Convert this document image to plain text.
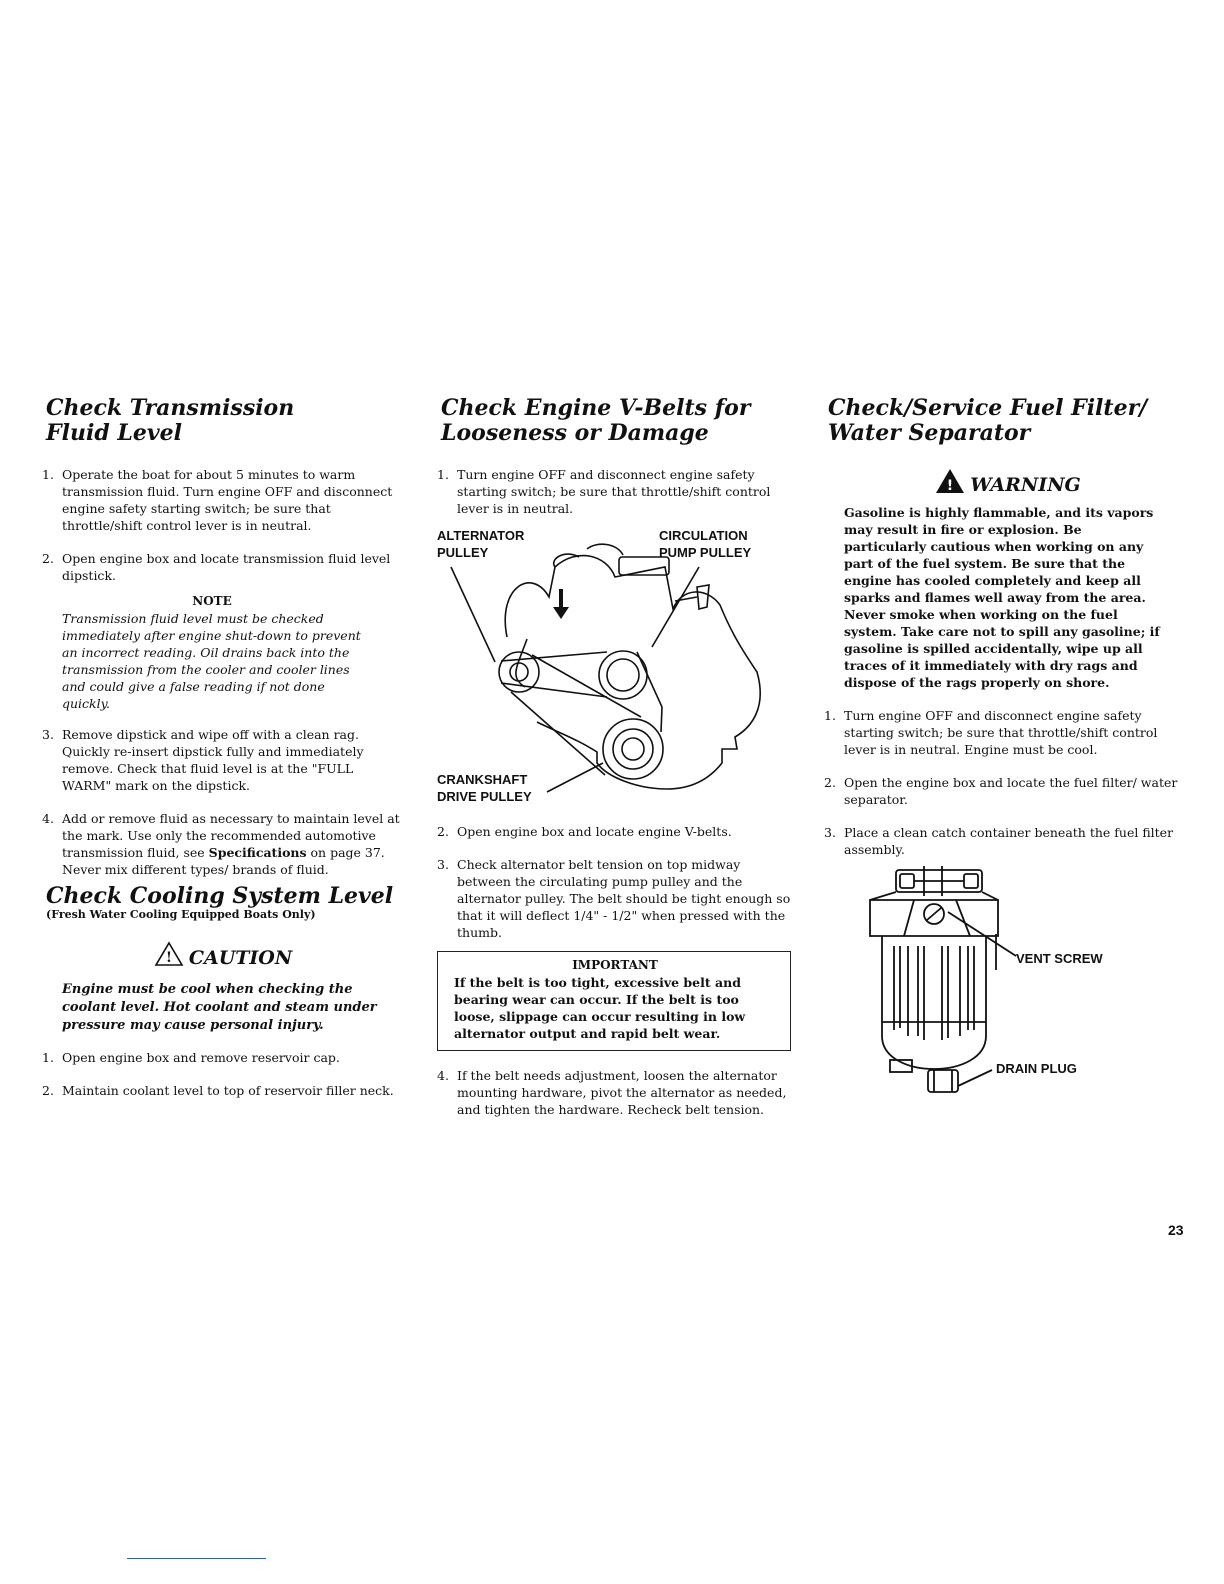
Check Transmission
Fluid Level
1. Operate the boat for about 5 minutes to warm transmission fluid. Turn engine OFF and disconnect engine safety starting switch; be sure that throttle/shift control lever is in neutral.
2. Open engine box and locate transmission fluid level dipstick.
NOTE
Transmission fluid level must be checked immediately after engine shut-down to prevent an incorrect reading. Oil drains back into the transmission from the cooler and cooler lines and could give a false reading if not done quickly.
3. Remove dipstick and wipe off with a clean rag. Quickly re-insert dipstick fully and immediately remove. Check that fluid level is at the "FULL WARM" mark on the dipstick.
4. Add or remove fluid as necessary to maintain level at the mark. Use only the recommended automotive transmission fluid, see Specifications on page 37. Never mix different types/ brands of fluid.
Check Cooling System Level
(Fresh Water Cooling Equipped Boats Only)
! CAUTION
Engine must be cool when checking the coolant level. Hot coolant and steam under pressure may cause personal injury.
1. Open engine box and remove reservoir cap.
2. Maintain coolant level to top of reservoir filler neck.
Check Engine V-Belts for
Looseness or Damage
1. Turn engine OFF and disconnect engine safety starting switch; be sure that throttle/shift control lever is in neutral.
ALTERNATOR
PULLEY
CIRCULATION
PUMP PULLEY
CRANKSHAFT
DRIVE PULLEY
2. Open engine box and locate engine V-belts.
3. Check alternator belt tension on top midway between the circulating pump pulley and the alternator pulley. The belt should be tight enough so that it will deflect 1/4" - 1/2" when pressed with the thumb.
IMPORTANT
If the belt is too tight, excessive belt and bearing wear can occur. If the belt is too loose, slippage can occur resulting in low alternator output and rapid belt wear.
4. If the belt needs adjustment, loosen the alternator mounting hardware, pivot the alternator as needed, and tighten the hardware. Recheck belt tension.
Check/Service Fuel Filter/
Water Separator
! WARNING
Gasoline is highly flammable, and its vapors may result in fire or explosion. Be particularly cautious when working on any part of the fuel system. Be sure that the engine has cooled completely and keep all sparks and flames well away from the area. Never smoke when working on the fuel system. Take care not to spill any gasoline; if gasoline is spilled accidentally, wipe up all traces of it immediately with dry rags and dispose of the rags properly on shore.
1. Turn engine OFF and disconnect engine safety starting switch; be sure that throttle/shift control lever is in neutral. Engine must be cool.
2. Open the engine box and locate the fuel filter/ water separator.
3. Place a clean catch container beneath the fuel filter assembly.
VENT SCREW
DRAIN PLUG
23
